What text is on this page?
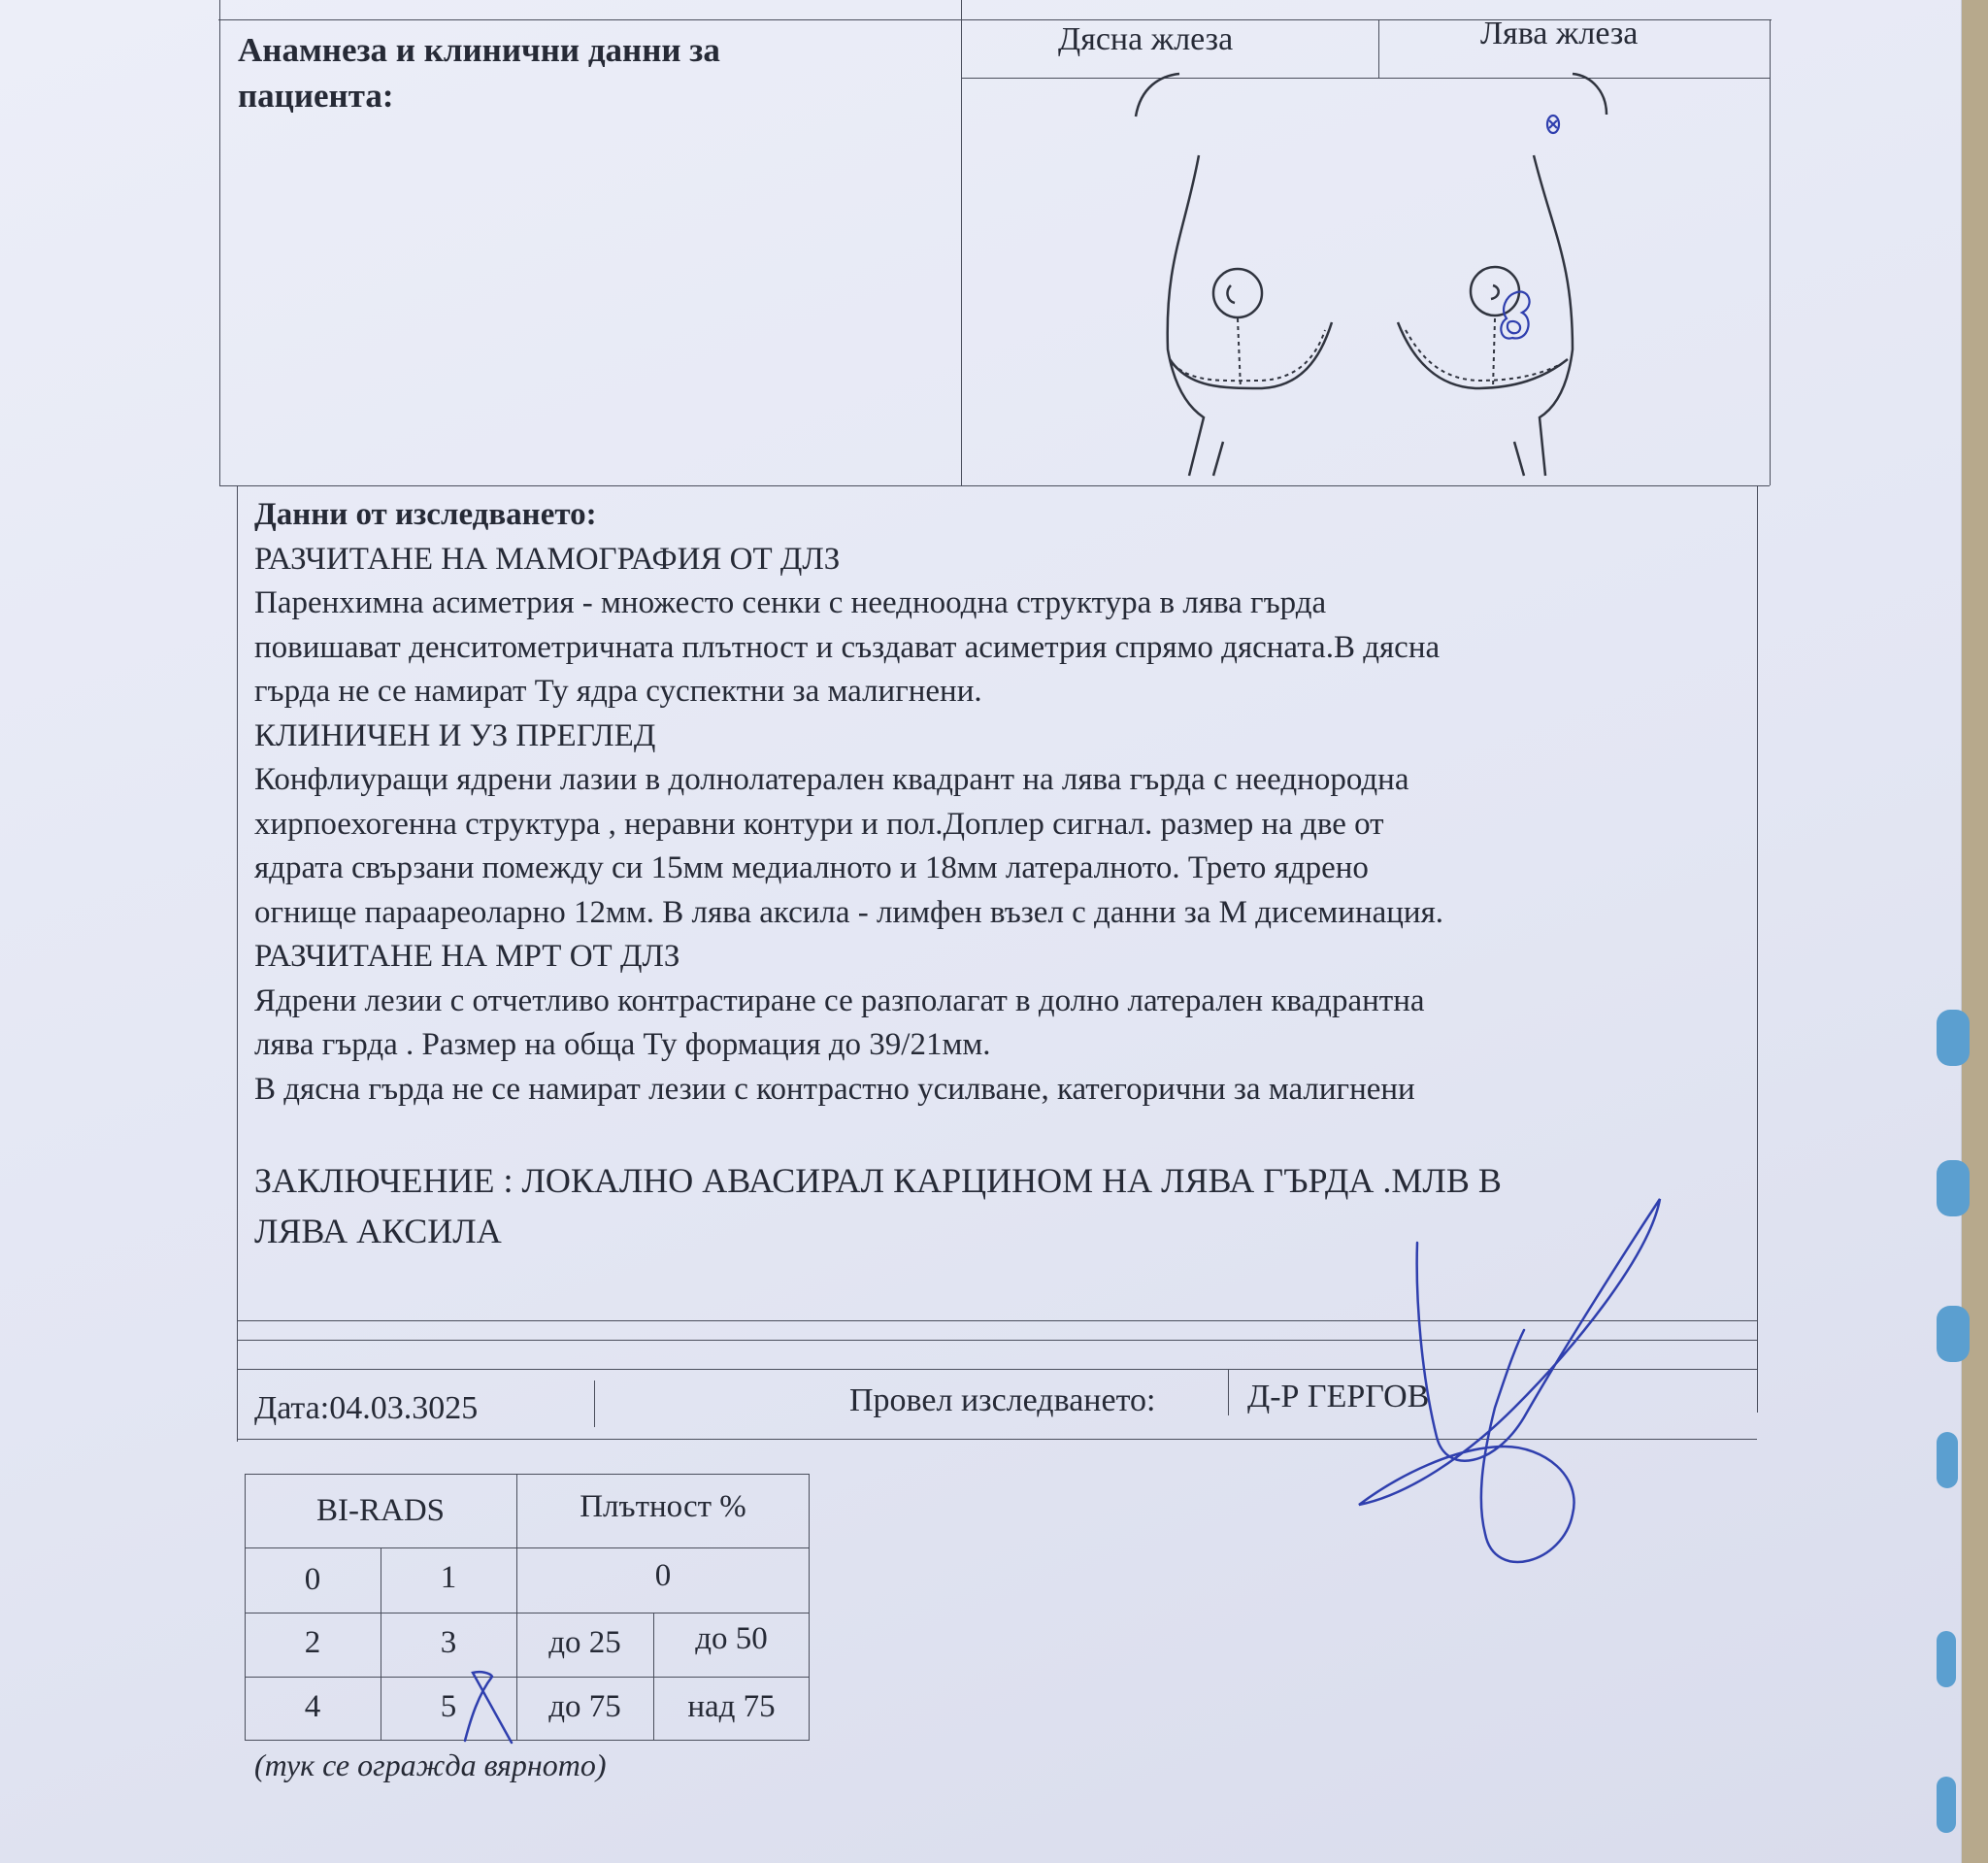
Анамнеза и клинични данни за пациента:
Дясна жлеза	Лява жлеза
Данни от изследването:
РАЗЧИТАНЕ НА МАМОГРАФИЯ ОТ ДЛЗ
Паренхимна асиметрия - множесто сенки с нееднoодна структура в лява гърда
повишават денситометричната плътност и създават асиметрия спрямо дясната.В дясна
гърда не се намират Ту ядра суспектни за малигнени.
КЛИНИЧЕН И УЗ ПРЕГЛЕД
Конфлиуращи ядрени лазии в долнолатерален квадрант на лява гърда с нееднородна
хирпоехогенна структура , неравни контури и пол.Доплер сигнал. размер на две от
ядрата свързани помежду си 15мм медиалното и 18мм латералното. Трето ядрено
огнище парaареоларно 12мм. В лява аксила - лимфен възел с данни за М дисеминация.
РАЗЧИТАНЕ НА МРТ ОТ ДЛЗ
Ядрени лезии с отчетливо контрастиране се разполагат в долно латерален квадрантна
лява гърда . Размер на обща Ту формация до 39/21мм.
В дясна гърда не се намират лезии с контрастно усилване, категорични за малигнени
ЗАКЛЮЧЕНИЕ : ЛОКАЛНО АВАСИРАЛ КАРЦИНОМ НА ЛЯВА ГЪРДА .МЛВ В
ЛЯВА АКСИЛА
Дата:04.03.3025	Провел изследването:	Д-Р ГЕРГОВ
BI-RADS	Плътност %
0	1	0
2	3	до 25	до 50
4	5	до 75	над 75
(тук се огражда вярното)
